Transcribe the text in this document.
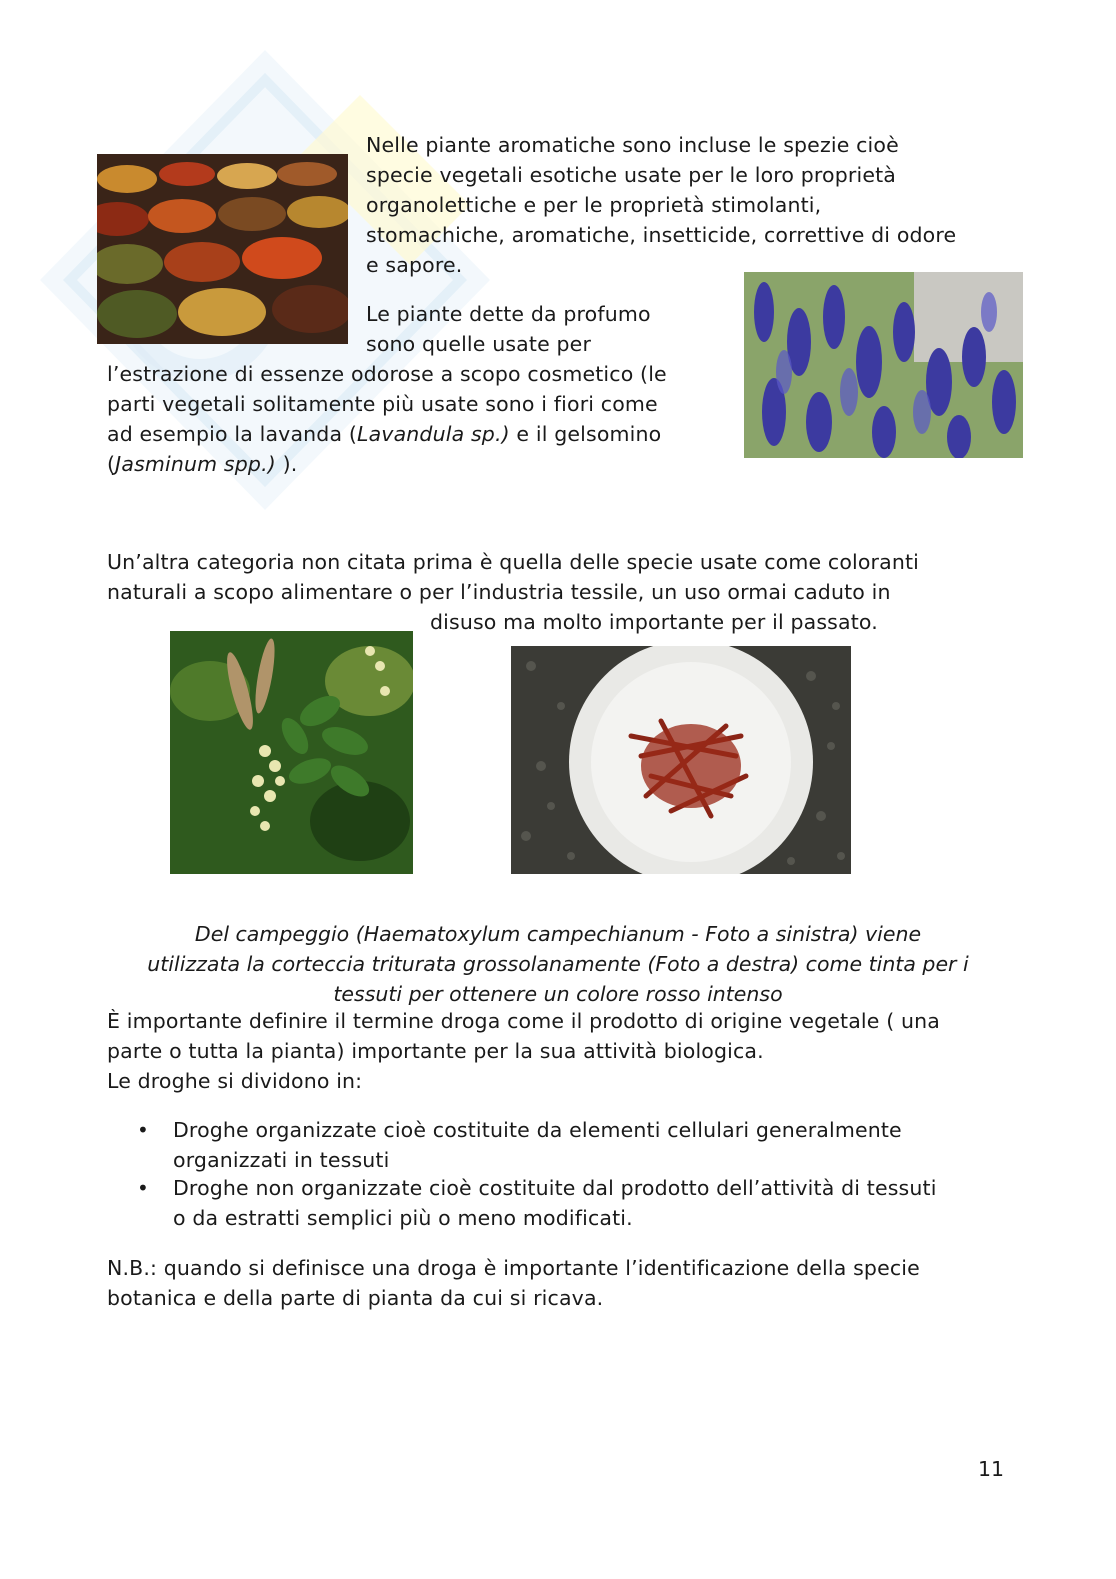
Nelle piante aromatiche sono incluse le spezie cioè

specie vegetali esotiche usate per le loro proprietà

organolettiche e per le proprietà stimolanti,

stomachiche, aromatiche, insetticide, correttive di odore

e sapore.

Le piante dette da profumo

sono quelle usate per

l’estrazione di essenze odorose a scopo cosmetico (le

parti vegetali solitamente più usate sono i fiori come

ad esempio la lavanda (Lavandula sp.) e il gelsomino

(Jasminum spp.) ).

Un’altra categoria non citata prima è quella delle specie usate come coloranti

naturali a scopo alimentare o per l’industria tessile, un uso ormai caduto in

disuso ma molto importante per il passato.

Del campeggio (Haematoxylum campechianum - Foto a sinistra) viene

utilizzata la corteccia triturata grossolanamente (Foto a destra) come tinta per i

tessuti per ottenere un colore rosso intenso

È importante definire il termine droga come il prodotto di origine vegetale ( una

parte o tutta la pianta) importante per la sua attività biologica.

Le droghe si dividono in:

• Droghe organizzate cioè costituite da elementi cellulari generalmente

organizzati in tessuti

• Droghe non organizzate cioè costituite dal prodotto dell’attività di tessuti

o da estratti semplici più o meno modificati.

N.B.: quando si definisce una droga è importante l’identificazione della specie

botanica e della parte di pianta da cui si ricava.

11
